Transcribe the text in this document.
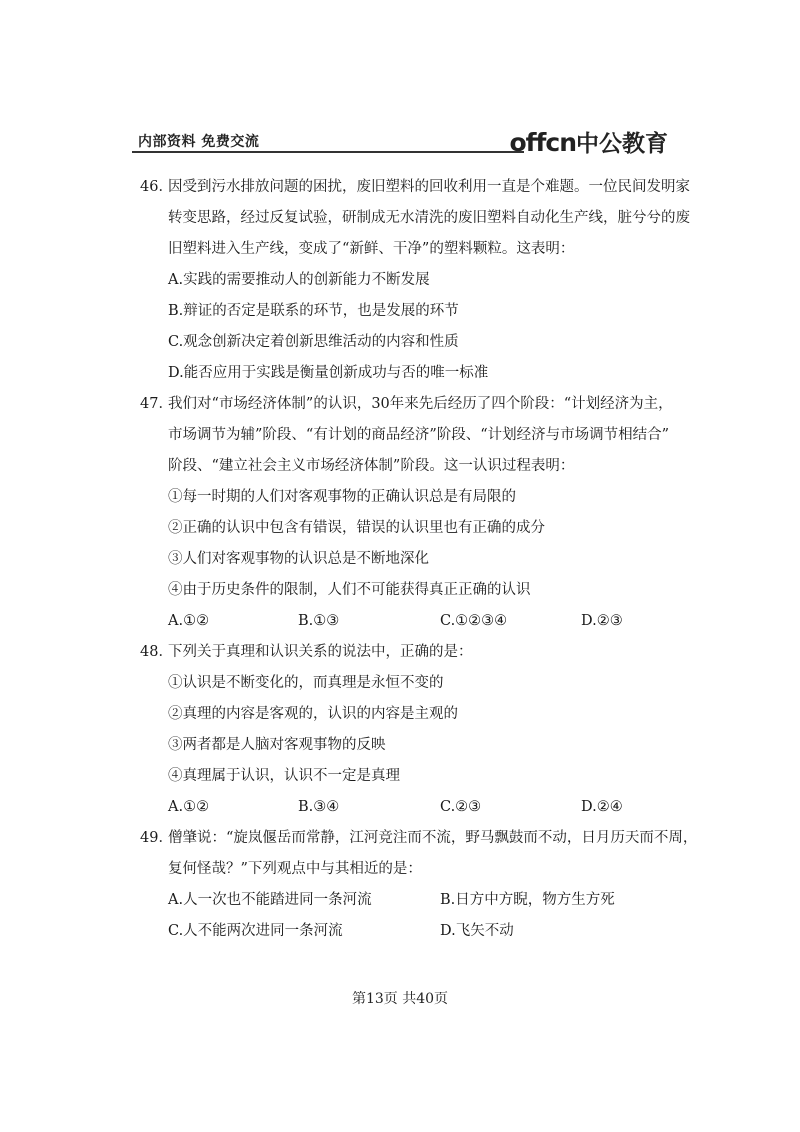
内部资料 免费交流	offcn中公教育
46．
因受到污水排放问题的困扰，废旧塑料的回收利用一直是个难题。一位民间发明家
转变思路，经过反复试验，研制成无水清洗的废旧塑料自动化生产线，脏兮兮的废
旧塑料进入生产线，变成了“新鲜、干净”的塑料颗粒。这表明：
A.实践的需要推动人的创新能力不断发展
B.辩证的否定是联系的环节，也是发展的环节
C.观念创新决定着创新思维活动的内容和性质
D.能否应用于实践是衡量创新成功与否的唯一标准
47．
我们对“市场经济体制”的认识，30年来先后经历了四个阶段：“计划经济为主，
市场调节为辅”阶段、“有计划的商品经济”阶段、“计划经济与市场调节相结合”
阶段、“建立社会主义市场经济体制”阶段。这一认识过程表明：
①每一时期的人们对客观事物的正确认识总是有局限的
②正确的认识中包含有错误，错误的认识里也有正确的成分
③人们对客观事物的认识总是不断地深化
④由于历史条件的限制，人们不可能获得真正正确的认识
A.①②	B.①③	C.①②③④	D.②③
48．
下列关于真理和认识关系的说法中，正确的是：
①认识是不断变化的，而真理是永恒不变的
②真理的内容是客观的，认识的内容是主观的
③两者都是人脑对客观事物的反映
④真理属于认识，认识不一定是真理
A.①②	B.③④	C.②③	D.②④
49．
僧肇说：“旋岚偃岳而常静，江河竞注而不流，野马飘鼓而不动，日月历天而不周，
复何怪哉？”下列观点中与其相近的是：
A.人一次也不能踏进同一条河流	B.日方中方睨，物方生方死
C.人不能两次进同一条河流	D.飞矢不动
第13页 共40页
